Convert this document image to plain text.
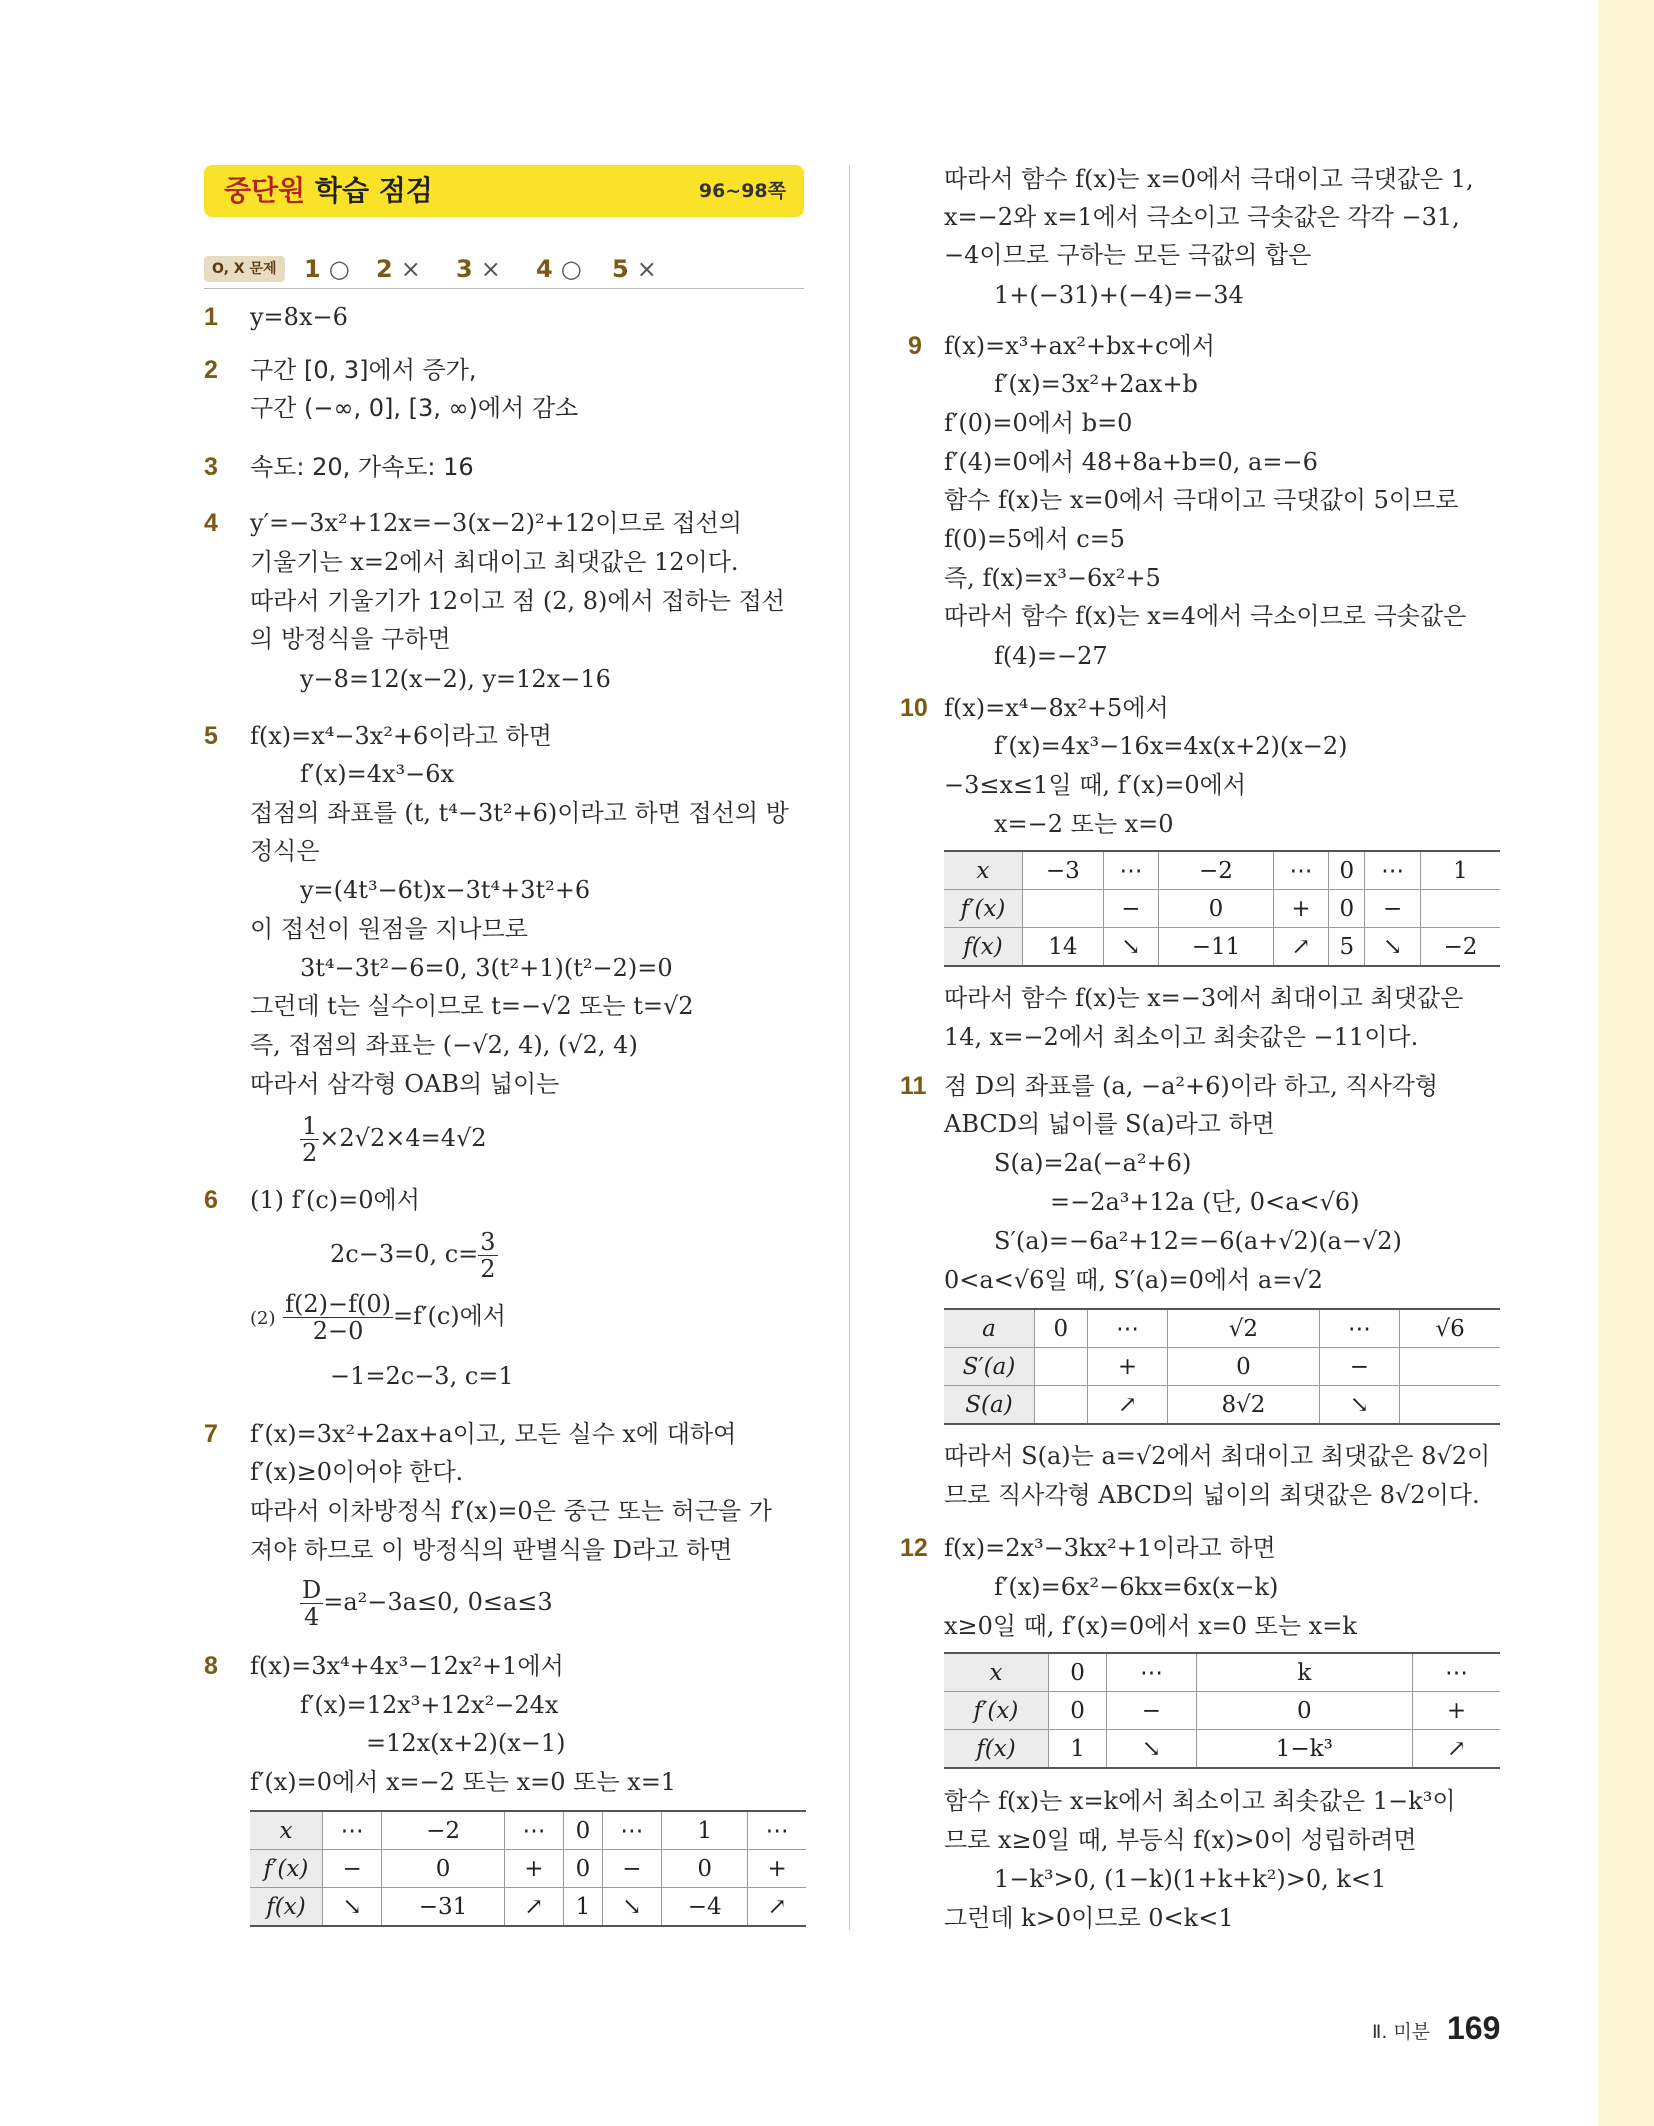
중단원 학습 점검	96~98쪽
O, X 문제	1 ○ 2 × 3 × 4 ○ 5 ×
1 y=8x−6
2 구간 [0, 3]에서 증가,
구간 (−∞, 0], [3, ∞)에서 감소
3 속도: 20, 가속도: 16
4 y′=−3x²+12x=−3(x−2)²+12이므로 접선의
기울기는 x=2에서 최대이고 최댓값은 12이다.
따라서 기울기가 12이고 점 (2, 8)에서 접하는 접선
의 방정식을 구하면
y−8=12(x−2), y=12x−16
5 f(x)=x⁴−3x²+6이라고 하면
f′(x)=4x³−6x
접점의 좌표를 (t, t⁴−3t²+6)이라고 하면 접선의 방
정식은
y=(4t³−6t)x−3t⁴+3t²+6
이 접선이 원점을 지나므로
3t⁴−3t²−6=0, 3(t²+1)(t²−2)=0
그런데 t는 실수이므로 t=−√2 또는 t=√2
즉, 접점의 좌표는 (−√2, 4), (√2, 4)
따라서 삼각형 OAB의 넓이는
$\frac{1}{2} \times 2√2\times 4=4√2$
6 (1) f′(c)=0에서
2c−3=0, $c= \frac{3}{2}$
$(2) \frac{f(2)-f(0)}{2-0} =f'(c)$에서
−1=2c−3, c=1
7 f′(x)=3x²+2ax+a이고, 모든 실수 x에 대하여
f′(x)≥0이어야 한다.
따라서 이차방정식 f′(x)=0은 중근 또는 허근을 가
져야 하므로 이 방정식의 판별식을 D라고 하면
$\frac{D}{4} =a^2-3a\le 0$, 0≤a≤3
8 f(x)=3x⁴+4x³−12x²+1에서
f′(x)=12x³+12x²−24x
=12x(x+2)(x−1)
f′(x)=0에서 x=−2 또는 x=0 또는 x=1
x	⋯	−2	⋯	0	⋯	1	⋯
f′(x)	−	0	+	0	−	0	+
f(x)	↘	−31	↗	1	↘	−4	↗
따라서 함수 f(x)는 x=0에서 극대이고 극댓값은 1,
x=−2와 x=1에서 극소이고 극솟값은 각각 −31,
−4이므로 구하는 모든 극값의 합은
1+(−31)+(−4)=−34
9 f(x)=x³+ax²+bx+c에서
f′(x)=3x²+2ax+b
f′(0)=0에서 b=0
f′(4)=0에서 48+8a+b=0, a=−6
함수 f(x)는 x=0에서 극대이고 극댓값이 5이므로
f(0)=5에서 c=5
즉, f(x)=x³−6x²+5
따라서 함수 f(x)는 x=4에서 극소이므로 극솟값은
f(4)=−27
10 f(x)=x⁴−8x²+5에서
f′(x)=4x³−16x=4x(x+2)(x−2)
−3≤x≤1일 때, f′(x)=0에서
x=−2 또는 x=0
x	−3	⋯	−2	⋯	0	⋯	1
f′(x)		−	0	+	0	−	
f(x)	14	↘	−11	↗	5	↘	−2
따라서 함수 f(x)는 x=−3에서 최대이고 최댓값은
14, x=−2에서 최소이고 최솟값은 −11이다.
11 점 D의 좌표를 (a, −a²+6)이라 하고, 직사각형
ABCD의 넓이를 S(a)라고 하면
S(a)=2a(−a²+6)
=−2a³+12a (단, 0<a<√6)
S′(a)=−6a²+12=−6(a+√2)(a−√2)
0<a<√6일 때, S′(a)=0에서 a=√2
a	0	⋯	√2	⋯	√6
S′(a)		+	0	−	
S(a)		↗	8√2	↘	
따라서 S(a)는 a=√2에서 최대이고 최댓값은 8√2이
므로 직사각형 ABCD의 넓이의 최댓값은 8√2이다.
12 f(x)=2x³−3kx²+1이라고 하면
f′(x)=6x²−6kx=6x(x−k)
x≥0일 때, f′(x)=0에서 x=0 또는 x=k
x	0	⋯	k	⋯
f′(x)	0	−	0	+
f(x)	1	↘	1−k³	↗
함수 f(x)는 x=k에서 최소이고 최솟값은 1−k³이
므로 x≥0일 때, 부등식 f(x)>0이 성립하려면
1−k³>0, (1−k)(1+k+k²)>0, k<1
그런데 k>0이므로 0<k<1
Ⅱ. 미분 169
